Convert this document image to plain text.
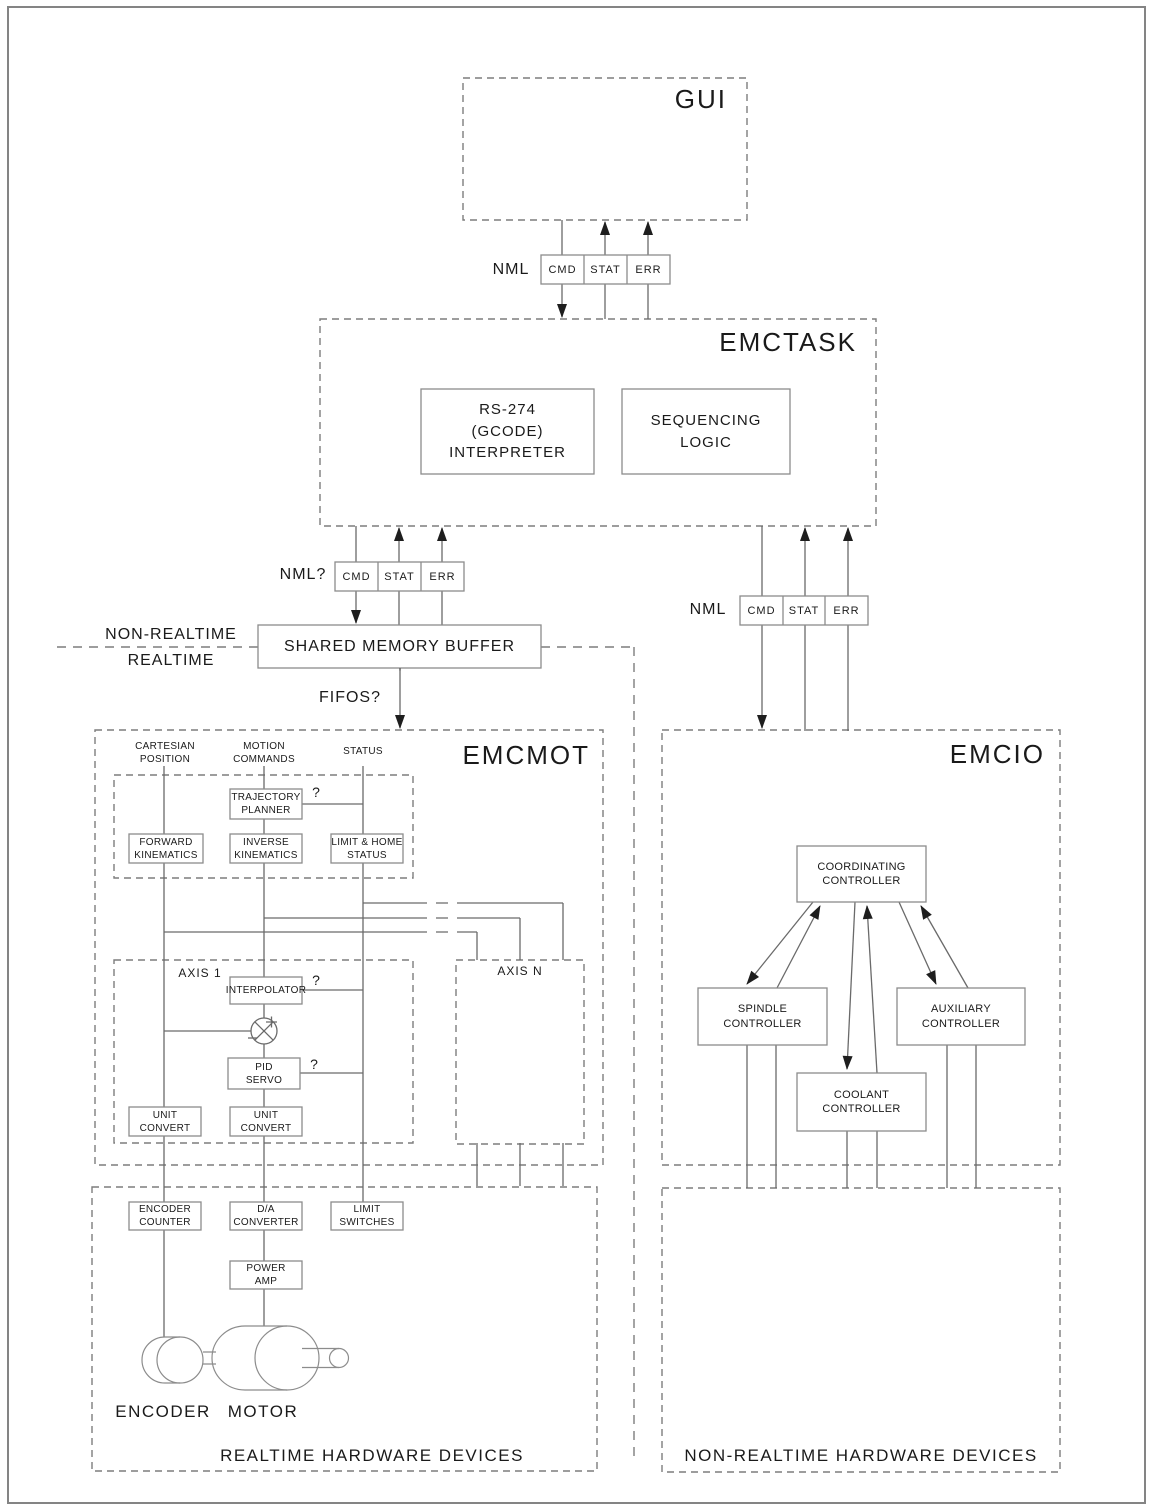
GUI
EMCTASK
EMCMOT	EMCIO
NML	CMD	STAT	ERR
RS-274
(GCODE)
INTERPRETER
SEQUENCING
LOGIC
NML?	CMD	STAT	ERR
NML	CMD	STAT	ERR
NON-REALTIME
REALTIME
SHARED MEMORY BUFFER
FIFOS?
CARTESIAN
POSITION
MOTION
COMMANDS
STATUS
TRAJECTORY
PLANNER
FORWARD
KINEMATICS
INVERSE
KINEMATICS
LIMIT & HOME
STATUS
AXIS 1	AXIS N
INTERPOLATOR
PID
SERVO
UNIT
CONVERT
UNIT
CONVERT
?
?
?
ENCODER
COUNTER
D/A
CONVERTER
LIMIT
SWITCHES
POWER
AMP
ENCODER	MOTOR
REALTIME HARDWARE DEVICES	NON-REALTIME HARDWARE DEVICES
COORDINATING
CONTROLLER
SPINDLE
CONTROLLER
AUXILIARY
CONTROLLER
COOLANT
CONTROLLER
